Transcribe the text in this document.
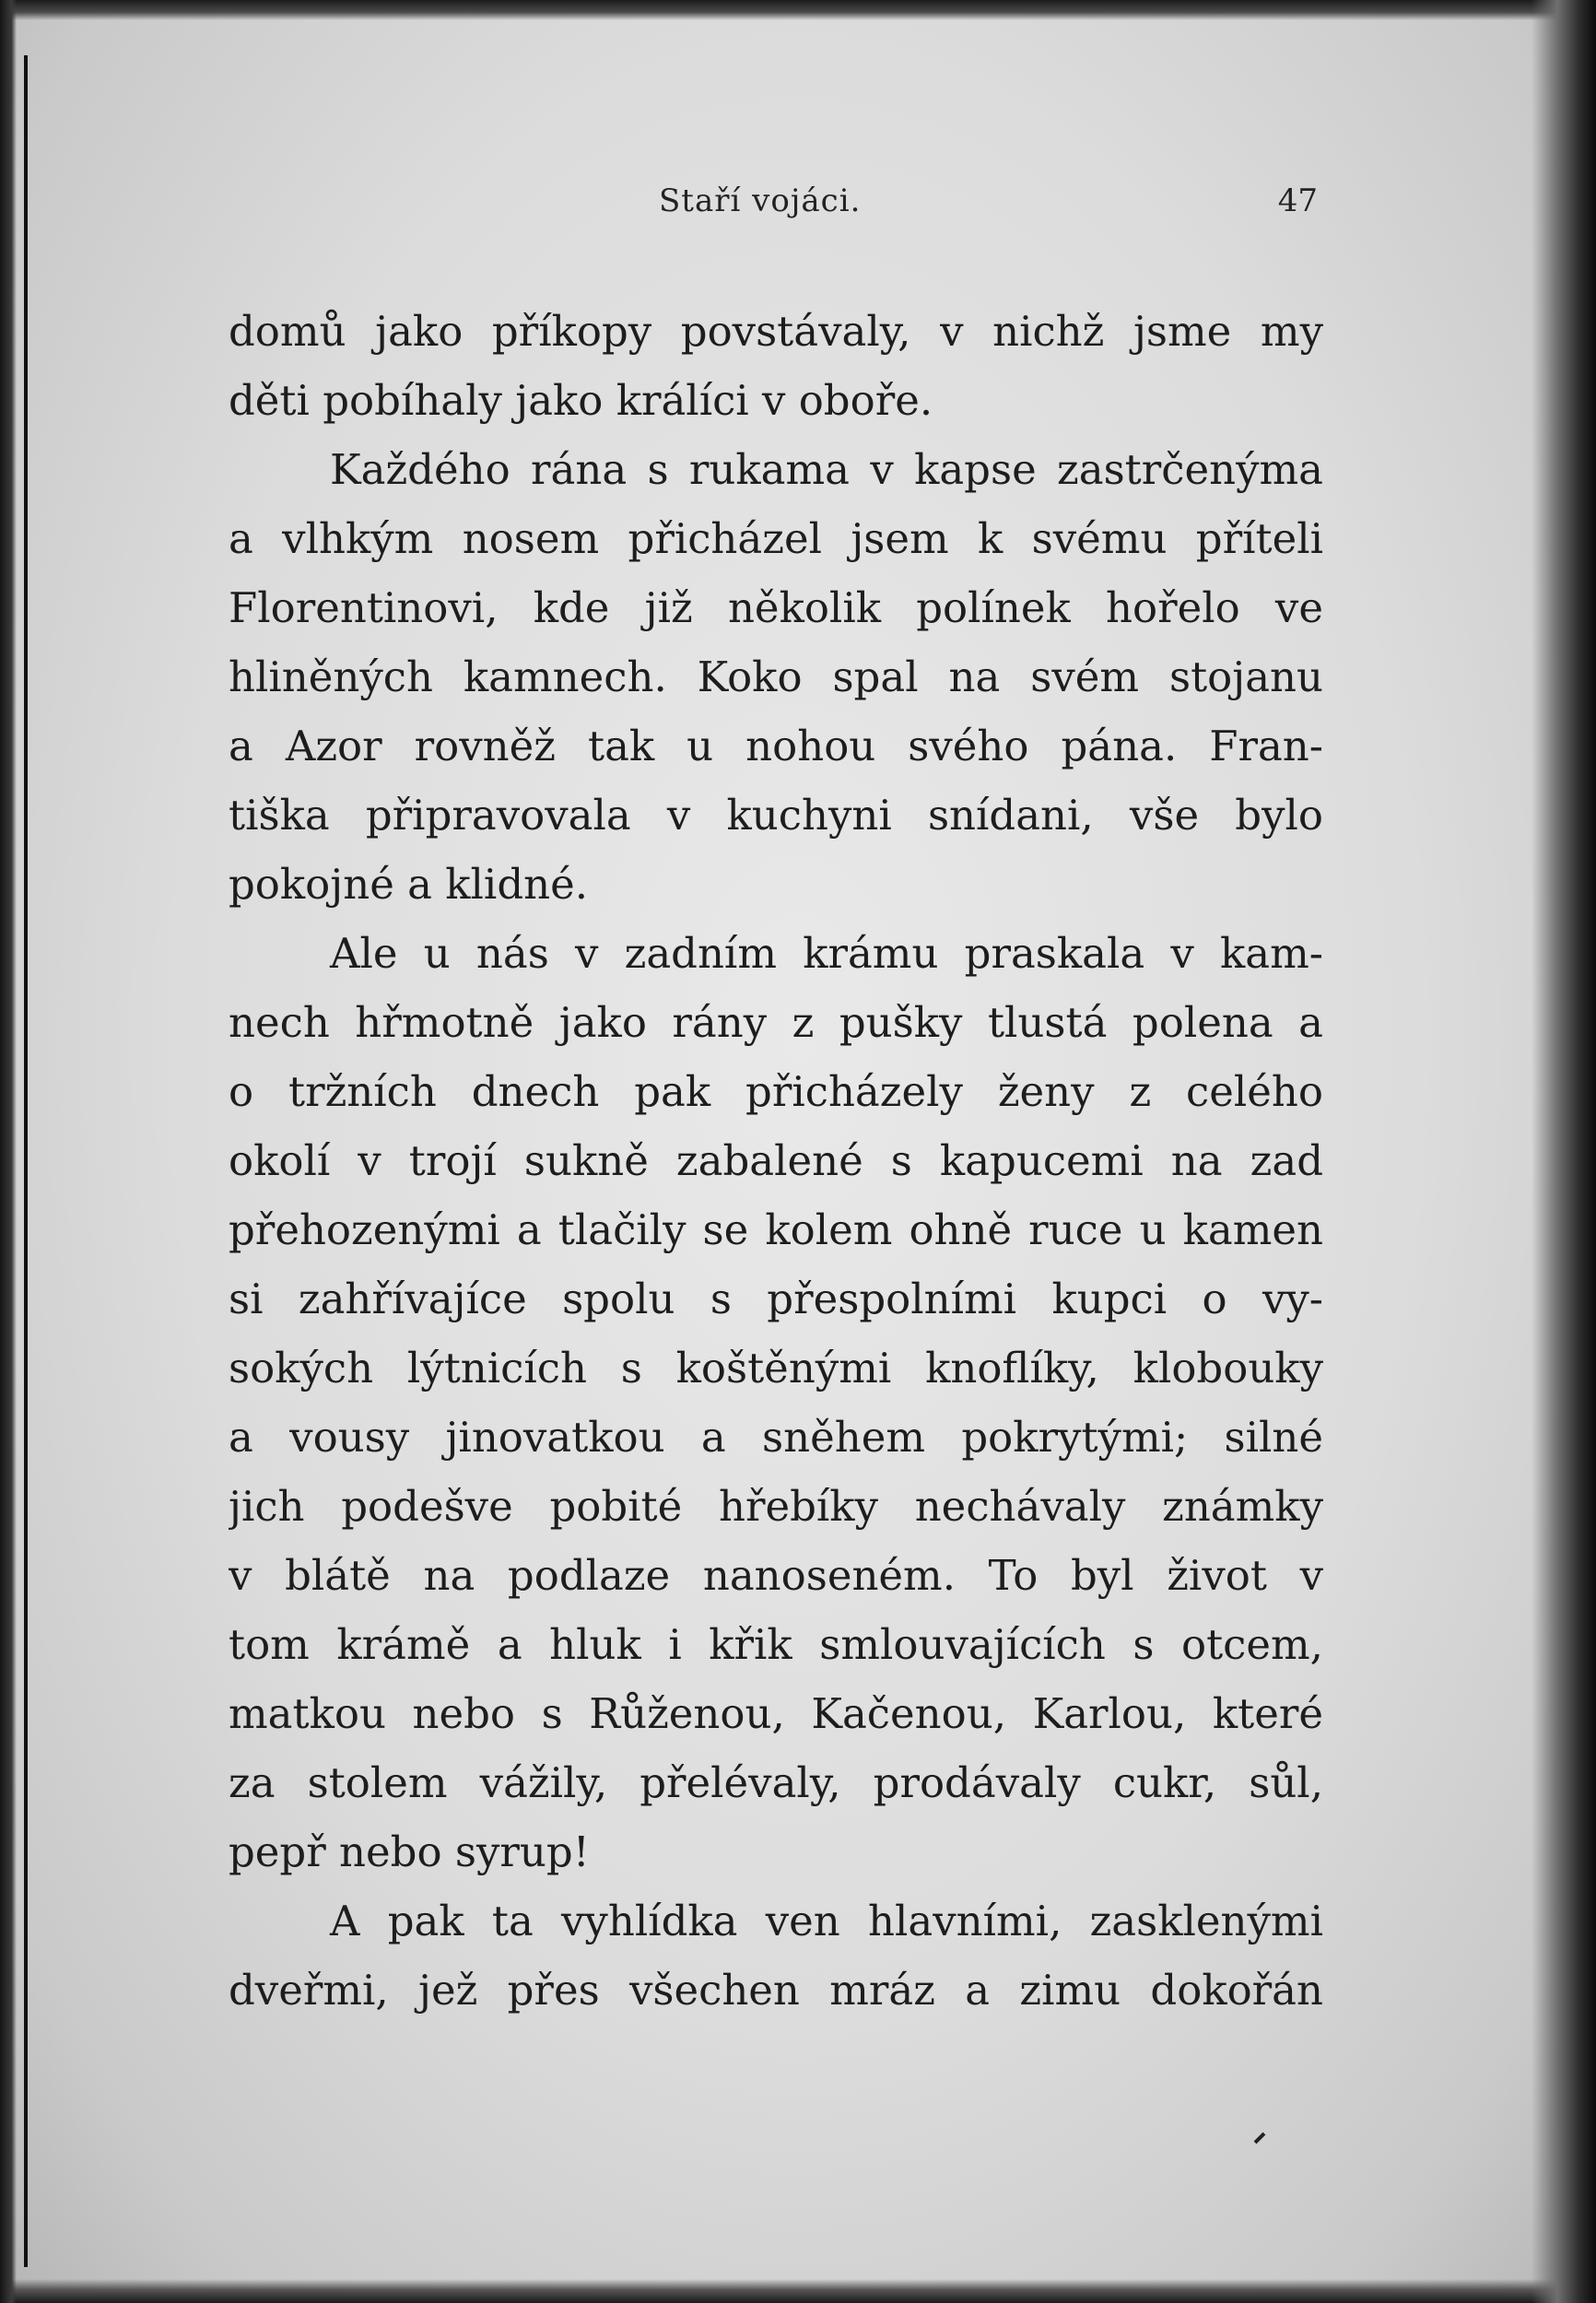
Staří vojáci.	47
domů jako příkopy povstávaly, v nichž jsme my
děti pobíhaly jako králíci v oboře.
Každého rána s rukama v kapse zastrčenýma
a vlhkým nosem přicházel jsem k svému příteli
Florentinovi, kde již několik polínek hořelo ve
hliněných kamnech. Koko spal na svém stojanu
a Azor rovněž tak u nohou svého pána. Fran-
tiška připravovala v kuchyni snídani, vše bylo
pokojné a klidné.
Ale u nás v zadním krámu praskala v kam-
nech hřmotně jako rány z pušky tlustá polena a
o tržních dnech pak přicházely ženy z celého
okolí v trojí sukně zabalené s kapucemi na zad
přehozenými a tlačily se kolem ohně ruce u kamen
si zahřívajíce spolu s přespolními kupci o vy-
sokých lýtnicích s koštěnými knoflíky, klobouky
a vousy jinovatkou a sněhem pokrytými; silné
jich podešve pobité hřebíky nechávaly známky
v blátě na podlaze nanoseném. To byl život v
tom krámě a hluk i křik smlouvajících s otcem,
matkou nebo s Růženou, Kačenou, Karlou, které
za stolem vážily, přelévaly, prodávaly cukr, sůl,
pepř nebo syrup!
A pak ta vyhlídka ven hlavními, zasklenými
dveřmi, jež přes všechen mráz a zimu dokořán
